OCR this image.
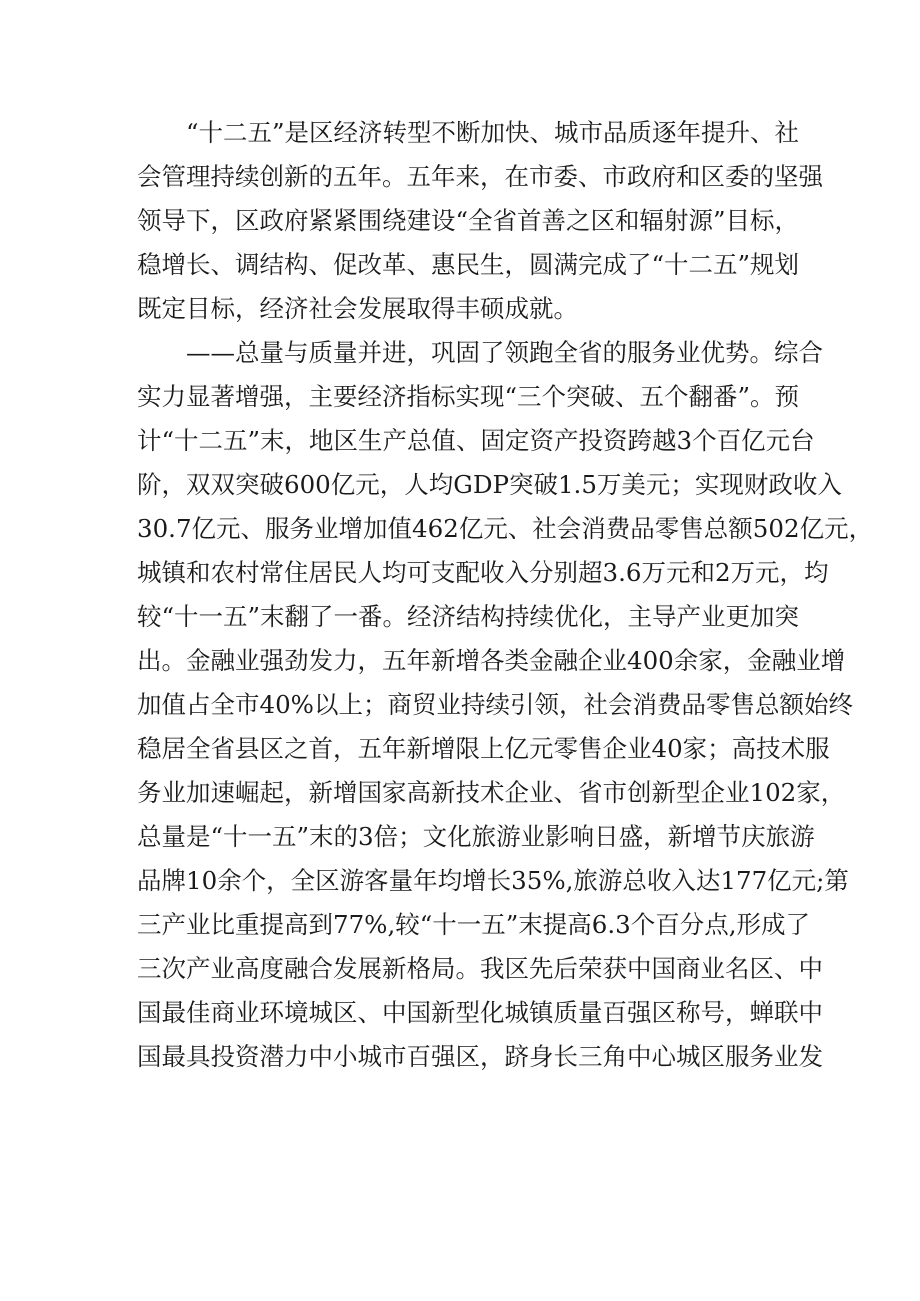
“十二五”是区经济转型不断加快、城市品质逐年提升、社
会管理持续创新的五年。五年来，在市委、市政府和区委的坚强
领导下，区政府紧紧围绕建设“全省首善之区和辐射源”目标，
稳增长、调结构、促改革、惠民生，圆满完成了“十二五”规划
既定目标，经济社会发展取得丰硕成就。
——总量与质量并进，巩固了领跑全省的服务业优势。综合
实力显著增强，主要经济指标实现“三个突破、五个翻番”。预
计“十二五”末，地区生产总值、固定资产投资跨越3个百亿元台
阶，双双突破600亿元，人均GDP突破1.5万美元；实现财政收入
30.7亿元、服务业增加值462亿元、社会消费品零售总额502亿元，
城镇和农村常住居民人均可支配收入分别超3.6万元和2万元，均
较“十一五”末翻了一番。经济结构持续优化，主导产业更加突
出。金融业强劲发力，五年新增各类金融企业400余家，金融业增
加值占全市40%以上；商贸业持续引领，社会消费品零售总额始终
稳居全省县区之首，五年新增限上亿元零售企业40家；高技术服
务业加速崛起，新增国家高新技术企业、省市创新型企业102家，
总量是“十一五”末的3倍；文化旅游业影响日盛，新增节庆旅游
品牌10余个，全区游客量年均增长35%,旅游总收入达177亿元;第
三产业比重提高到77%,较“十一五”末提高6.3个百分点,形成了
三次产业高度融合发展新格局。我区先后荣获中国商业名区、中
国最佳商业环境城区、中国新型化城镇质量百强区称号，蝉联中
国最具投资潜力中小城市百强区，跻身长三角中心城区服务业发
